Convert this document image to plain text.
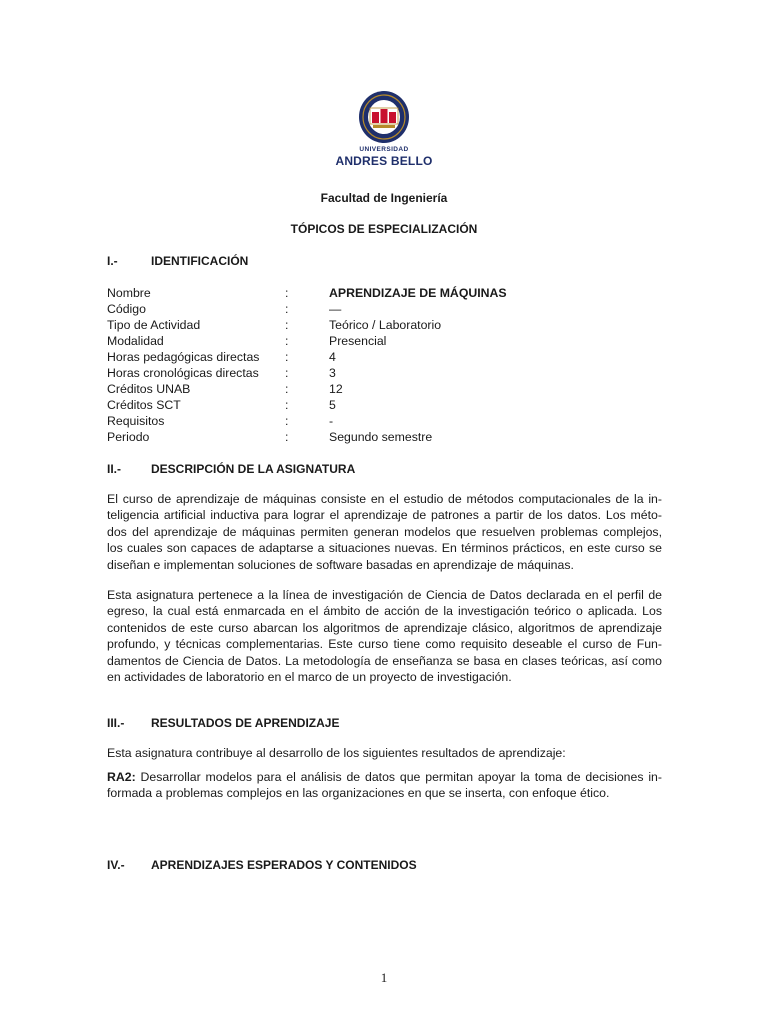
UNIVERSIDAD
ANDRES BELLO
Facultad de Ingeniería
TÓPICOS DE ESPECIALIZACIÓN
I.-	IDENTIFICACIÓN
Nombre	:	APRENDIZAJE DE MÁQUINAS
Código	:	—
Tipo de Actividad	:	Teórico / Laboratorio
Modalidad	:	Presencial
Horas pedagógicas directas :	4
Horas cronológicas directas :	3
Créditos UNAB	:	12
Créditos SCT	:	5
Requisitos	:	-
Periodo	:	Segundo semestre
II.-	DESCRIPCIÓN DE LA ASIGNATURA
El curso de aprendizaje de máquinas consiste en el estudio de métodos computacionales de la in-
teligencia artificial inductiva para lograr el aprendizaje de patrones a partir de los datos. Los méto-
dos del aprendizaje de máquinas permiten generan modelos que resuelven problemas complejos,
los cuales son capaces de adaptarse a situaciones nuevas. En términos prácticos, en este curso se
diseñan e implementan soluciones de software basadas en aprendizaje de máquinas.
Esta asignatura pertenece a la línea de investigación de Ciencia de Datos declarada en el perfil de
egreso, la cual está enmarcada en el ámbito de acción de la investigación teórico o aplicada. Los
contenidos de este curso abarcan los algoritmos de aprendizaje clásico, algoritmos de aprendizaje
profundo, y técnicas complementarias. Este curso tiene como requisito deseable el curso de Fun-
damentos de Ciencia de Datos. La metodología de enseñanza se basa en clases teóricas, así como
en actividades de laboratorio en el marco de un proyecto de investigación.
III.- RESULTADOS DE APRENDIZAJE
Esta asignatura contribuye al desarrollo de los siguientes resultados de aprendizaje:
RA2: Desarrollar modelos para el análisis de datos que permitan apoyar la toma de decisiones in-
formada a problemas complejos en las organizaciones en que se inserta, con enfoque ético.
IV.- APRENDIZAJES ESPERADOS Y CONTENIDOS
1
